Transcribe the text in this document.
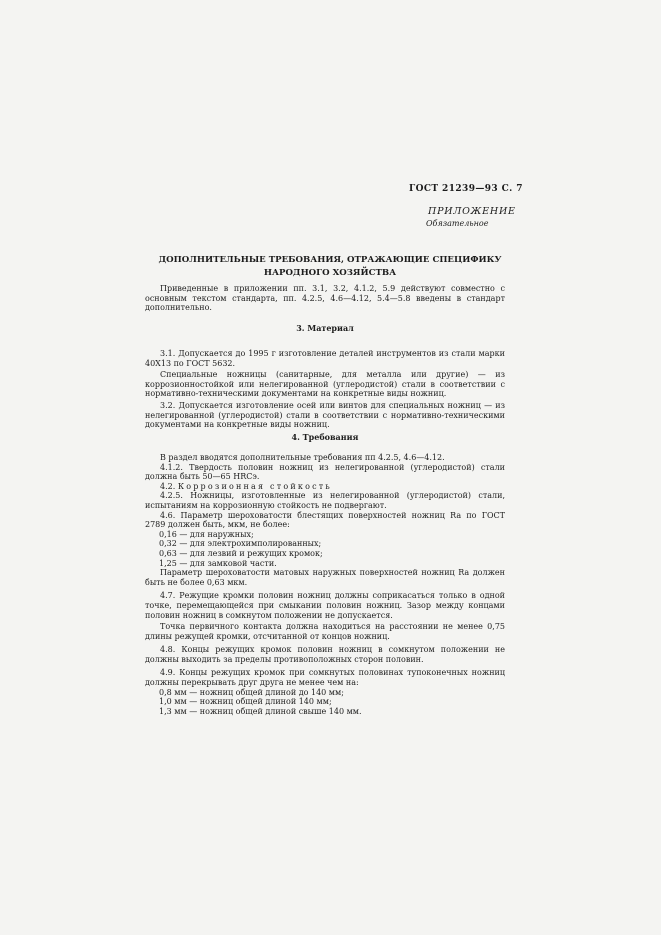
ГОСТ 21239—93 С. 7
ПРИЛОЖЕНИЕ
Обязательное
ДОПОЛНИТЕЛЬНЫЕ ТРЕБОВАНИЯ, ОТРАЖАЮЩИЕ СПЕЦИФИКУ
НАРОДНОГО ХОЗЯЙСТВА

Приведенные в приложении пп. 3.1, 3.2, 4.1.2, 5.9 действуют совместно с основным текстом стандарта, пп. 4.2.5, 4.6—4.12, 5.4—5.8 введены в стандарт дополнительно.

3. Материал

3.1. Допускается до 1995 г изготовление деталей инструментов из стали марки 40Х13 по ГОСТ 5632.

Специальные ножницы (санитарные, для металла или другие) — из коррозионностойкой или нелегированной (углеродистой) стали в соответствии с нормативно-техническими документами на конкретные виды ножниц.

3.2. Допускается изготовление осей или винтов для специальных ножниц — из нелегированной (углеродистой) стали в соответствии с нормативно-техническими документами на конкретные виды ножниц.

4. Требования

В раздел вводятся дополнительные требования пп 4.2.5, 4.6—4.12.

4.1.2. Твердость половин ножниц из нелегированной (углеродистой) стали должна быть 50—65 HRCэ.

4.2. Коррозионная стойкость

4.2.5. Ножницы, изготовленные из нелегированной (углеродистой) стали, испытаниям на коррозионную стойкость не подвергают.

4.6. Параметр шероховатости блестящих поверхностей ножниц Ra по ГОСТ 2789 должен быть, мкм, не более:

0,16 — для наружных;

0,32 — для электрохимполированных;

0,63 — для лезвий и режущих кромок;

1,25 — для замковой части.

Параметр шероховатости матовых наружных поверхностей ножниц Ra должен быть не более 0,63 мкм.

4.7. Режущие кромки половин ножниц должны соприкасаться только в одной точке, перемещающейся при смыкании половин ножниц. Зазор между концами половин ножниц в сомкнутом положении не допускается.

Точка первичного контакта должна находиться на расстоянии не менее 0,75 длины режущей кромки, отсчитанной от концов ножниц.

4.8. Концы режущих кромок половин ножниц в сомкнутом положении не должны выходить за пределы противоположных сторон половин.

4.9. Концы режущих кромок при сомкнутых половинах тупоконечных ножниц должны перекрывать друг друга не менее чем на:

0,8 мм — ножниц общей длиной до 140 мм;

1,0 мм — ножниц общей длиной 140 мм;

1,3 мм — ножниц общей длиной свыше 140 мм.
